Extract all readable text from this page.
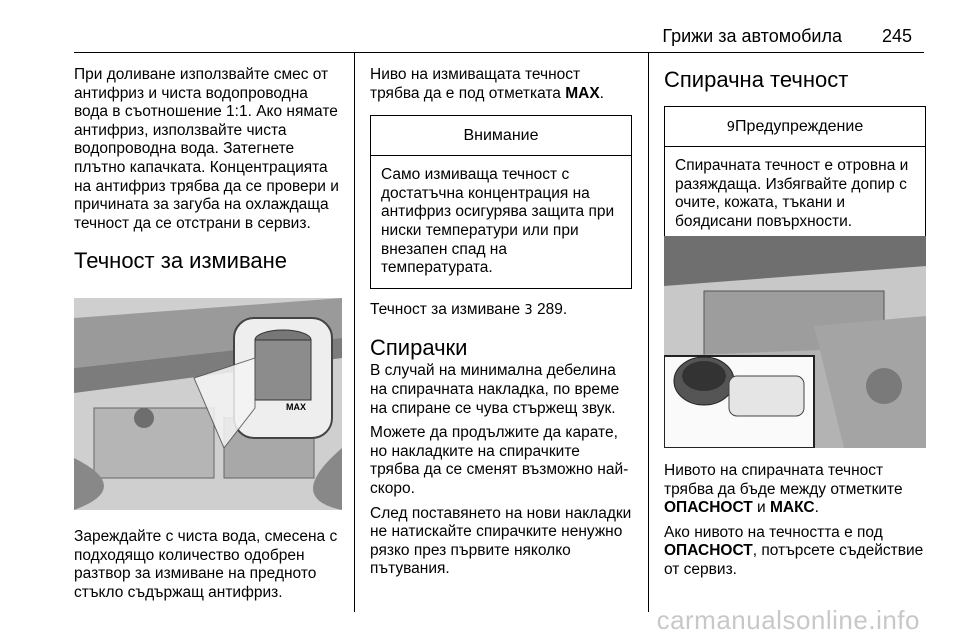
Грижи за автомобила 245

При доливане използвайте смес от антифриз и чиста водопроводна вода в съотношение 1:1. Ако нямате антифриз, използвайте чиста водопроводна вода. Затегнете плътно капачката. Концентрацията на антифриз трябва да се провери и причината за загуба на охлаждаща течност да се отстрани в сервиз.

Течност за измиване
MAX

Зареждайте с чиста вода, смесена с подходящо количество одобрен разтвор за измиване на предното стъкло съдържащ антифриз.

Ниво на измиващата течност трябва да е под отметката MAX.

Внимание
Само измиваща течност с достатъчна концентрация на антифриз осигурява защита при ниски температури или при внезапен спад на температурата.

Течност за измиване 3 289.

Спирачки

В случай на минимална дебелина на спирачната накладка, по време на спиране се чува стържещ звук.

Можете да продължите да карате, но накладките на спирачките трябва да се сменят възможно най-скоро.

След поставянето на нови накладки не натискайте спирачките ненужно рязко през първите няколко пътувания.

Спирачна течност
9Предупреждение
Спирачната течност е отровна и разяждаща. Избягвайте допир с очите, кожата, тъкани и боядисани повърхности.

Нивото на спирачната течност трябва да бъде между отметките ОПАСНОСТ и МАКС.

Ако нивото на течността е под ОПАСНОСТ, потърсете съдействие от сервиз.

carmanualsonline.info
